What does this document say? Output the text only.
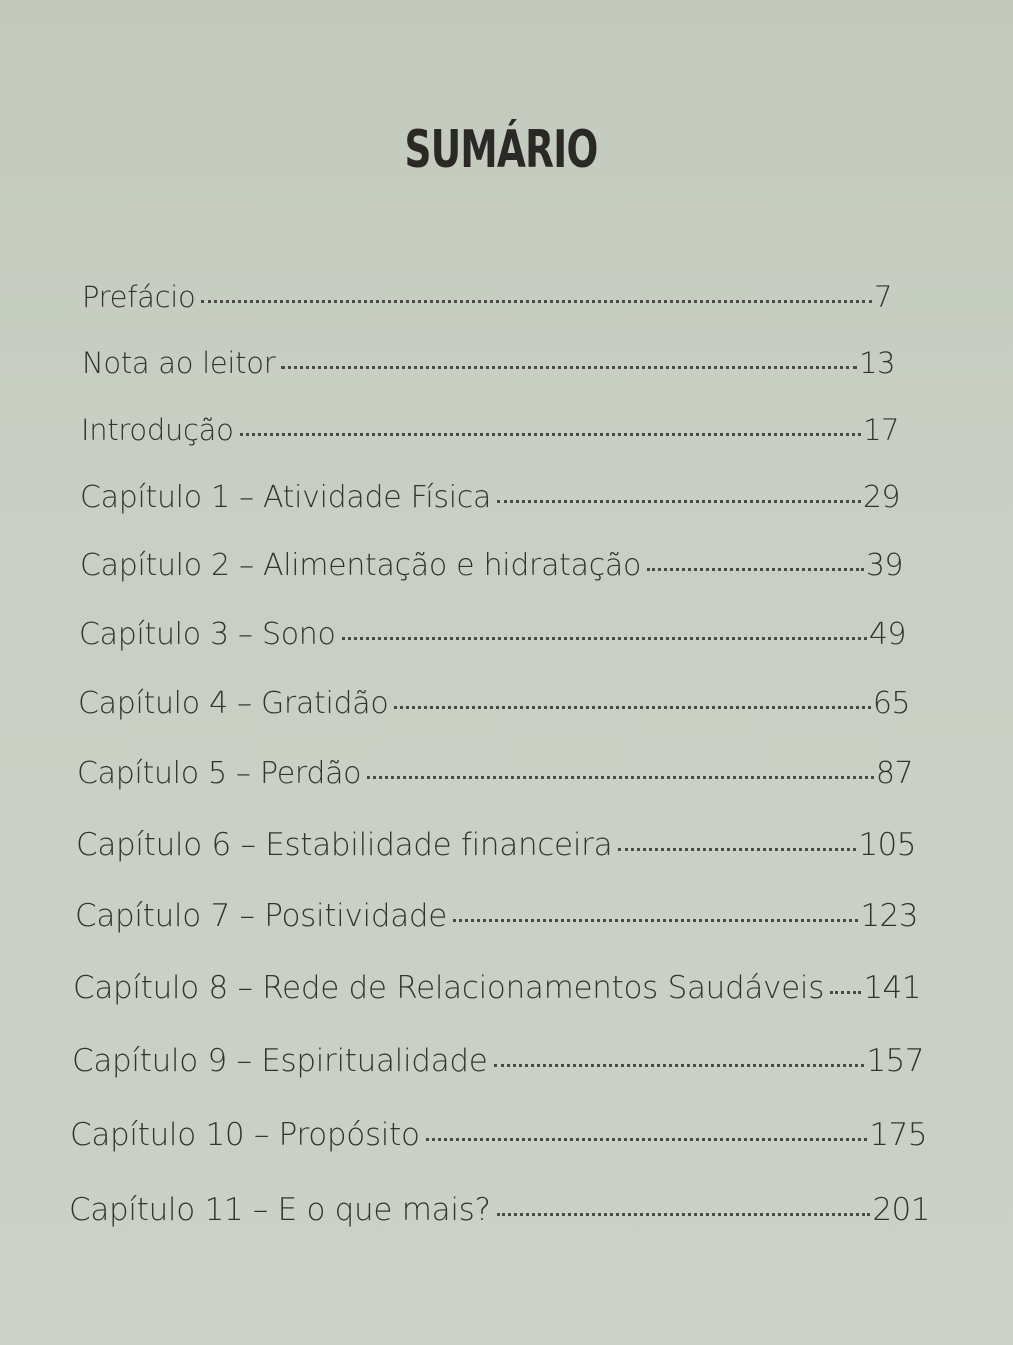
SUMÁRIO
Prefácio	7
Nota ao leitor	13
Introdução	17
Capítulo 1 – Atividade Física	29
Capítulo 2 – Alimentação e hidratação	39
Capítulo 3 – Sono	49
Capítulo 4 – Gratidão	65
Capítulo 5 – Perdão	87
Capítulo 6 – Estabilidade financeira	105
Capítulo 7 – Positividade	123
Capítulo 8 – Rede de Relacionamentos Saudáveis 141
Capítulo 9 – Espiritualidade	157
Capítulo 10 – Propósito	175
Capítulo 11 – E o que mais?	201
